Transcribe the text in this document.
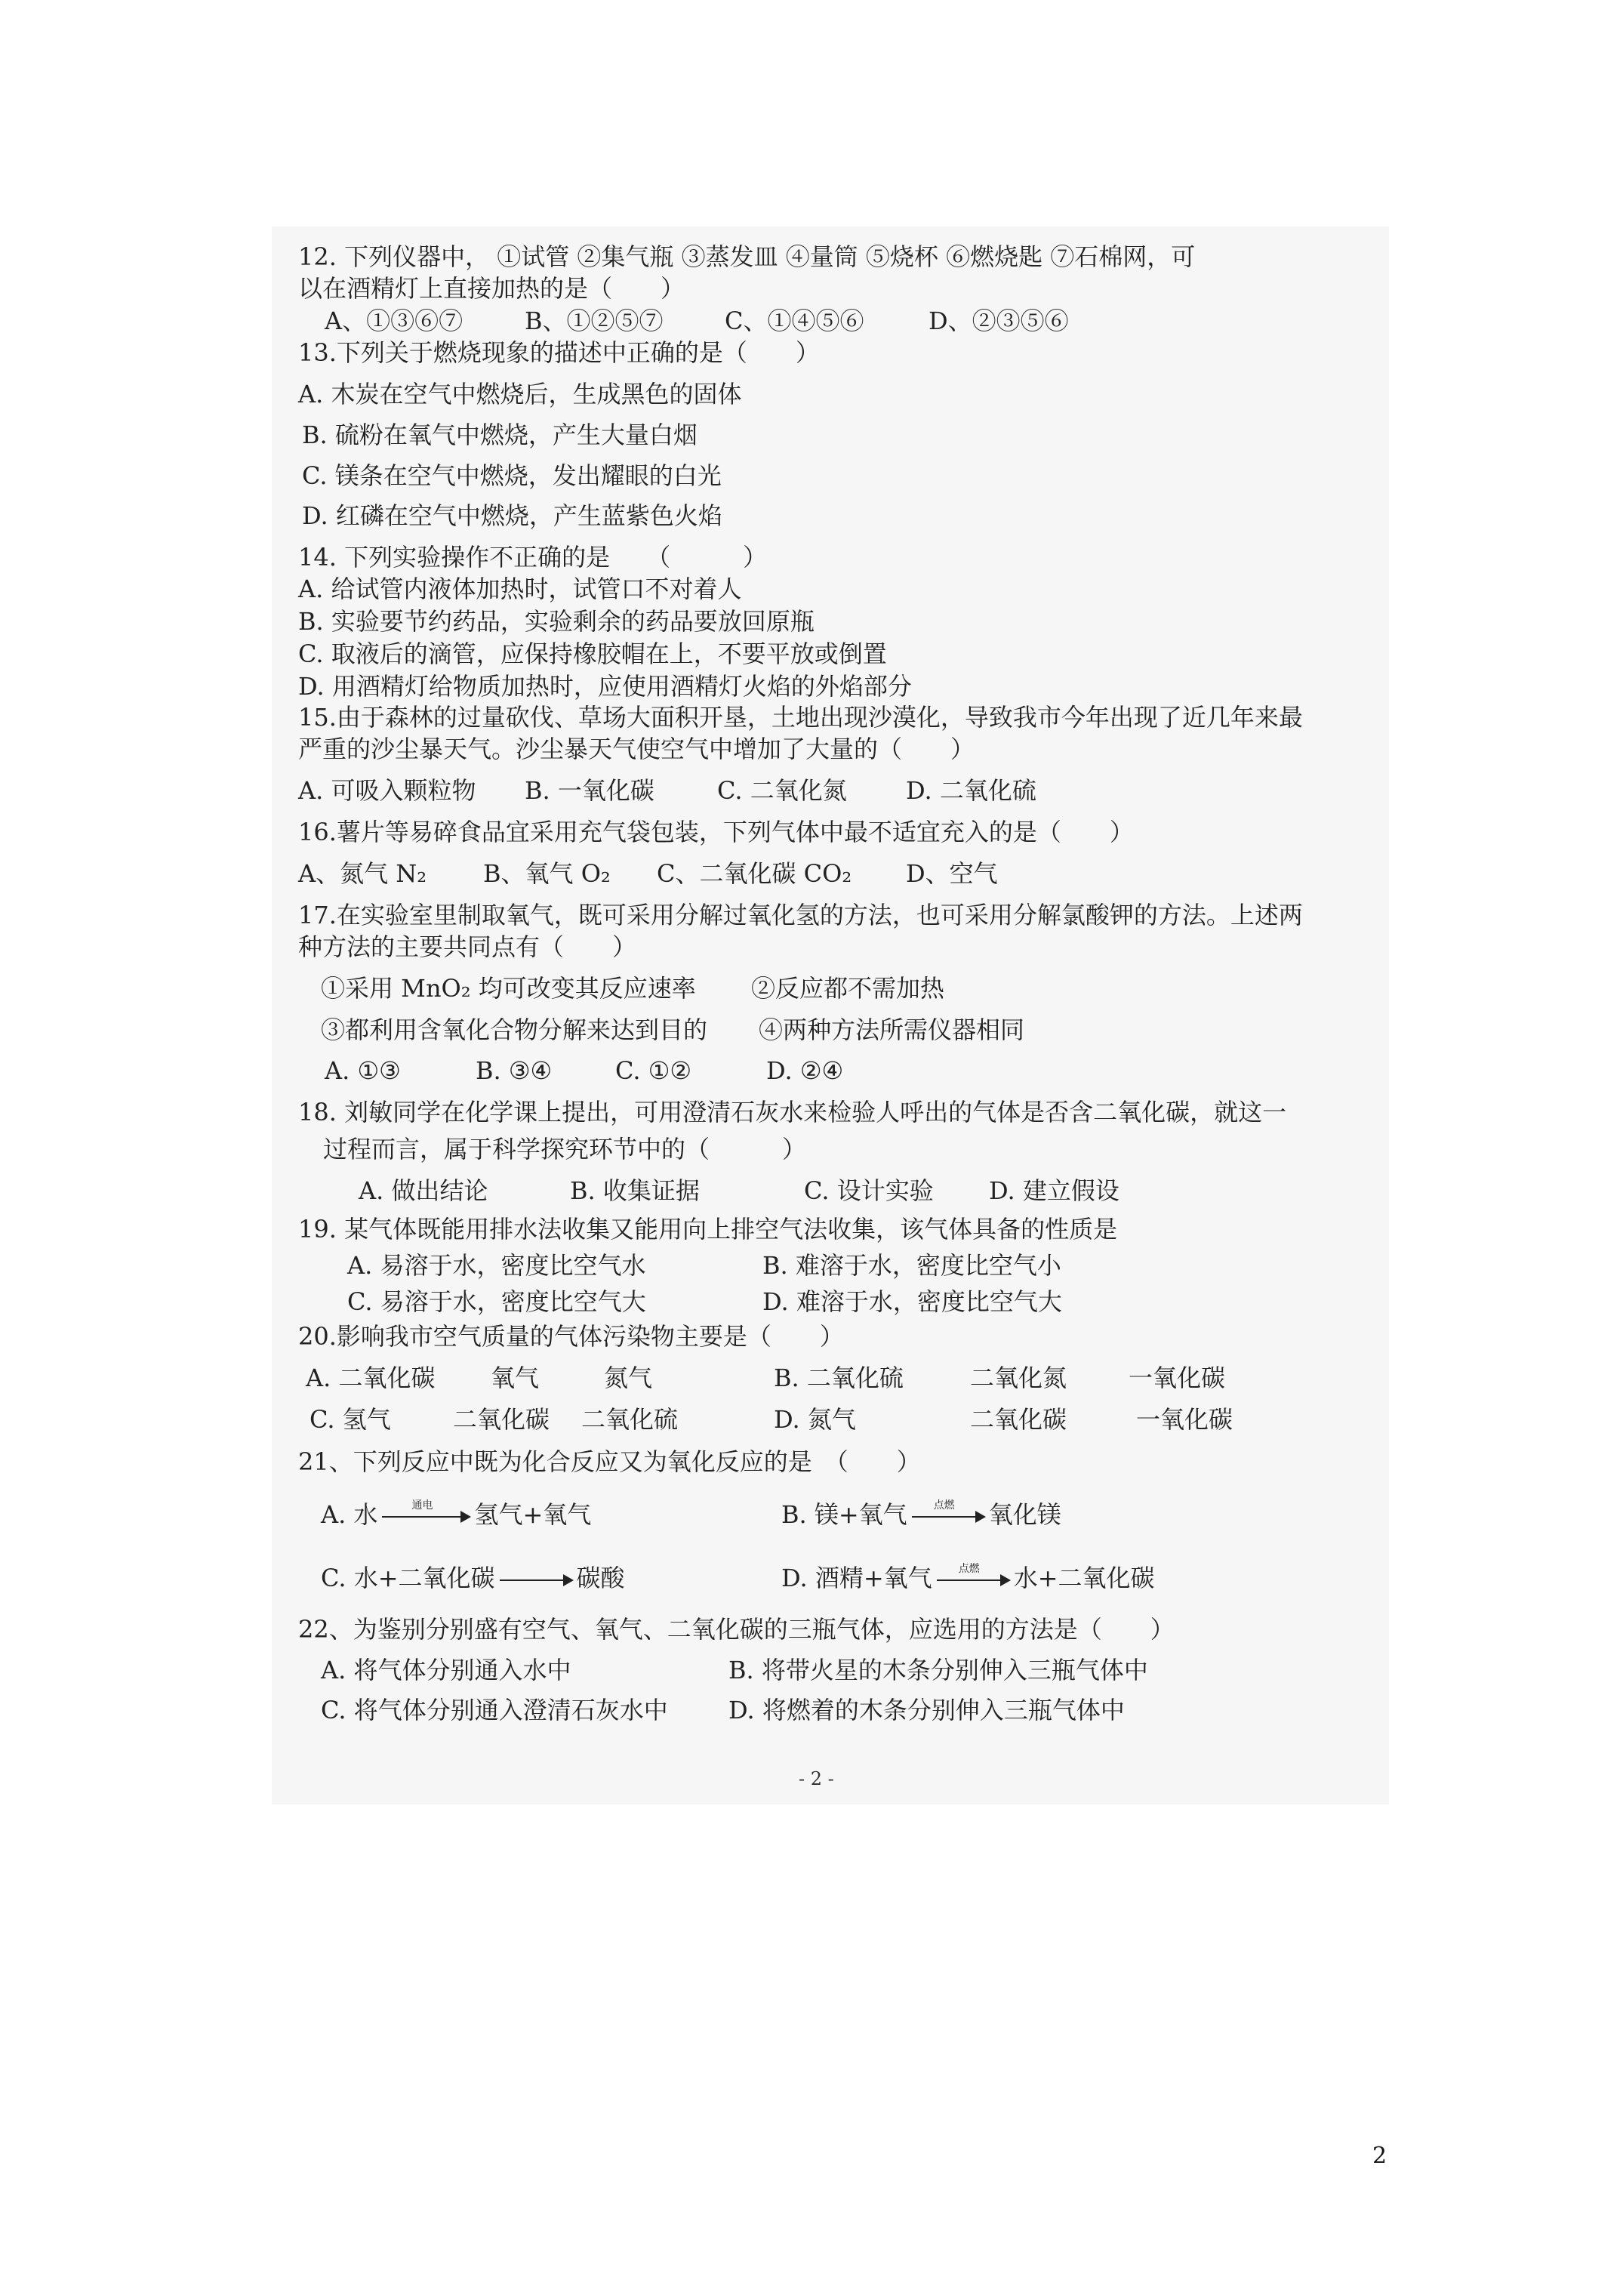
12. 下列仪器中， ①试管 ②集气瓶 ③蒸发皿 ④量筒 ⑤烧杯 ⑥燃烧匙 ⑦石棉网，可
以在酒精灯上直接加热的是（　　）
A、①③⑥⑦	B、①②⑤⑦	C、①④⑤⑥	D、②③⑤⑥
13.下列关于燃烧现象的描述中正确的是（　　）
A. 木炭在空气中燃烧后，生成黑色的固体
B. 硫粉在氧气中燃烧，产生大量白烟
C. 镁条在空气中燃烧，发出耀眼的白光
D. 红磷在空气中燃烧，产生蓝紫色火焰
14. 下列实验操作不正确的是　　（　　　）
A. 给试管内液体加热时，试管口不对着人
B. 实验要节约药品，实验剩余的药品要放回原瓶
C. 取液后的滴管，应保持橡胶帽在上，不要平放或倒置
D. 用酒精灯给物质加热时，应使用酒精灯火焰的外焰部分
15.由于森林的过量砍伐、草场大面积开垦，土地出现沙漠化，导致我市今年出现了近几年来最
严重的沙尘暴天气。沙尘暴天气使空气中增加了大量的（　　）
A. 可吸入颗粒物 B. 一氧化碳	C. 二氧化氮 D. 二氧化硫
16.薯片等易碎食品宜采用充气袋包装，下列气体中最不适宜充入的是（　　）
A、氮气 N₂ B、氧气 O₂ C、二氧化碳 CO₂ D、空气
17.在实验室里制取氧气，既可采用分解过氧化氢的方法，也可采用分解氯酸钾的方法。上述两
种方法的主要共同点有（　　）
①采用 MnO₂ 均可改变其反应速率 ②反应都不需加热
③都利用含氧化合物分解来达到目的 ④两种方法所需仪器相同
A. ①③	B. ③④	C. ①②	D. ②④
18. 刘敏同学在化学课上提出，可用澄清石灰水来检验人呼出的气体是否含二氧化碳，就这一
过程而言，属于科学探究环节中的（　　　）
A. 做出结论	B. 收集证据	C. 设计实验 D. 建立假设
19. 某气体既能用排水法收集又能用向上排空气法收集，该气体具备的性质是
A. 易溶于水，密度比空气水	B. 难溶于水，密度比空气小
C. 易溶于水，密度比空气大	D. 难溶于水，密度比空气大
20.影响我市空气质量的气体污染物主要是（　　）
A. 二氧化碳 氧气	氮气	B. 二氧化硫	二氧化氮	一氧化碳
C. 氢气	二氧化碳 二氧化硫	D. 氮气	二氧化碳	一氧化碳
21、下列反应中既为化合反应又为氧化反应的是　（　　）
A. 水	通电	氢气+氧气	B. 镁+氧气	点燃	氧化镁
C. 水+二氧化碳	碳酸	D. 酒精+氧气	点燃	水+二氧化碳
22、为鉴别分别盛有空气、氧气、二氧化碳的三瓶气体，应选用的方法是（　　）
A. 将气体分别通入水中	B. 将带火星的木条分别伸入三瓶气体中
C. 将气体分别通入澄清石灰水中	D. 将燃着的木条分别伸入三瓶气体中
- 2 -
2
